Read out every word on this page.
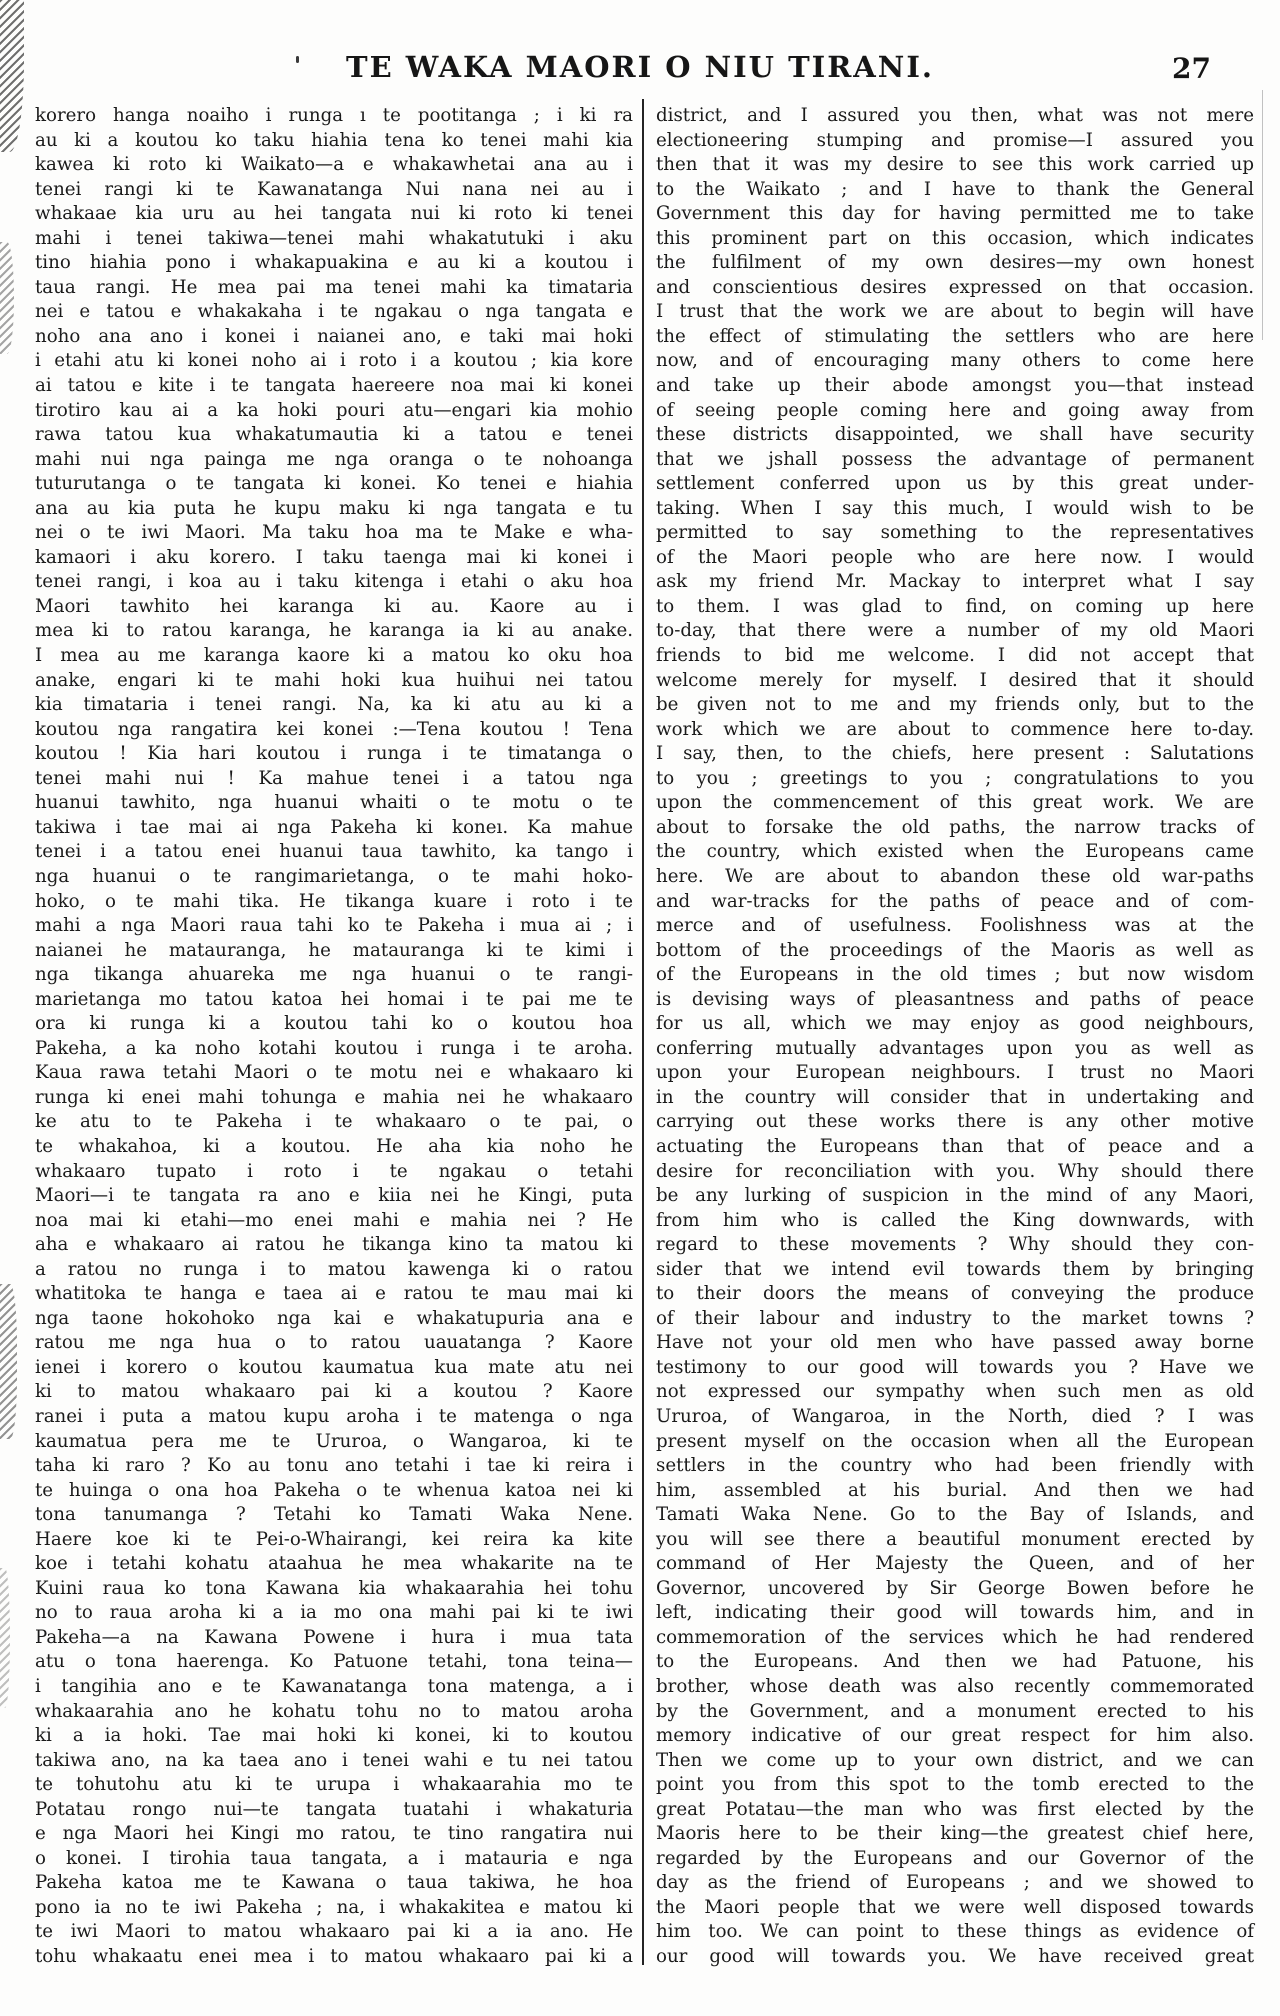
TE WAKA MAORI O NIU TIRANI.	27
korero hanga noaiho i runga ı te pootitanga ; i ki ra
au ki a koutou ko taku hiahia tena ko tenei mahi kia
kawea ki roto ki Waikato—a e whakawhetai ana au i
tenei rangi ki te Kawanatanga Nui nana nei au i
whakaae kia uru au hei tangata nui ki roto ki tenei
mahi i tenei takiwa—tenei mahi whakatutuki i aku
tino hiahia pono i whakapuakina e au ki a koutou i
taua rangi. He mea pai ma tenei mahi ka timataria
nei e tatou e whakakaha i te ngakau o nga tangata e
noho ana ano i konei i naianei ano, e taki mai hoki
i etahi atu ki konei noho ai i roto i a koutou ; kia kore
ai tatou e kite i te tangata haereere noa mai ki konei
tirotiro kau ai a ka hoki pouri atu—engari kia mohio
rawa tatou kua whakatumautia ki a tatou e tenei
mahi nui nga painga me nga oranga o te nohoanga
tuturutanga o te tangata ki konei. Ko tenei e hiahia
ana au kia puta he kupu maku ki nga tangata e tu
nei o te iwi Maori. Ma taku hoa ma te Make e wha-
kamaori i aku korero. I taku taenga mai ki konei i
tenei rangi, i koa au i taku kitenga i etahi o aku hoa
Maori tawhito hei karanga ki au. Kaore au i
mea ki to ratou karanga, he karanga ia ki au anake.
I mea au me karanga kaore ki a matou ko oku hoa
anake, engari ki te mahi hoki kua huihui nei tatou
kia timataria i tenei rangi. Na, ka ki atu au ki a
koutou nga rangatira kei konei :—Tena koutou ! Tena
koutou ! Kia hari koutou i runga i te timatanga o
tenei mahi nui ! Ka mahue tenei i a tatou nga
huanui tawhito, nga huanui whaiti o te motu o te
takiwa i tae mai ai nga Pakeha ki koneı. Ka mahue
tenei i a tatou enei huanui taua tawhito, ka tango i
nga huanui o te rangimarietanga, o te mahi hoko-
hoko, o te mahi tika. He tikanga kuare i roto i te
mahi a nga Maori raua tahi ko te Pakeha i mua ai ; i
naianei he matauranga, he matauranga ki te kimi i
nga tikanga ahuareka me nga huanui o te rangi-
marietanga mo tatou katoa hei homai i te pai me te
ora ki runga ki a koutou tahi ko o koutou hoa
Pakeha, a ka noho kotahi koutou i runga i te aroha.
Kaua rawa tetahi Maori o te motu nei e whakaaro ki
runga ki enei mahi tohunga e mahia nei he whakaaro
ke atu to te Pakeha i te whakaaro o te pai, o
te whakahoa, ki a koutou. He aha kia noho he
whakaaro tupato i roto i te ngakau o tetahi
Maori—i te tangata ra ano e kiia nei he Kingi, puta
noa mai ki etahi—mo enei mahi e mahia nei ? He
aha e whakaaro ai ratou he tikanga kino ta matou ki
a ratou no runga i to matou kawenga ki o ratou
whatitoka te hanga e taea ai e ratou te mau mai ki
nga taone hokohoko nga kai e whakatupuria ana e
ratou me nga hua o to ratou uauatanga ? Kaore
ienei i korero o koutou kaumatua kua mate atu nei
ki to matou whakaaro pai ki a koutou ? Kaore
ranei i puta a matou kupu aroha i te matenga o nga
kaumatua pera me te Ururoa, o Wangaroa, ki te
taha ki raro ? Ko au tonu ano tetahi i tae ki reira i
te huinga o ona hoa Pakeha o te whenua katoa nei ki
tona tanumanga ? Tetahi ko Tamati Waka Nene.
Haere koe ki te Pei-o-Whairangi, kei reira ka kite
koe i tetahi kohatu ataahua he mea whakarite na te
Kuini raua ko tona Kawana kia whakaarahia hei tohu
no to raua aroha ki a ia mo ona mahi pai ki te iwi
Pakeha—a na Kawana Powene i hura i mua tata
atu o tona haerenga. Ko Patuone tetahi, tona teina—
i tangihia ano e te Kawanatanga tona matenga, a i
whakaarahia ano he kohatu tohu no to matou aroha
ki a ia hoki. Tae mai hoki ki konei, ki to koutou
takiwa ano, na ka taea ano i tenei wahi e tu nei tatou
te tohutohu atu ki te urupa i whakaarahia mo te
Potatau rongo nui—te tangata tuatahi i whakaturia
e nga Maori hei Kingi mo ratou, te tino rangatira nui
o konei. I tirohia taua tangata, a i matauria e nga
Pakeha katoa me te Kawana o taua takiwa, he hoa
pono ia no te iwi Pakeha ; na, i whakakitea e matou ki
te iwi Maori to matou whakaaro pai ki a ia ano. He
tohu whakaatu enei mea i to matou whakaaro pai ki a
district, and I assured you then, what was not mere
electioneering stumping and promise—I assured you
then that it was my desire to see this work carried up
to the Waikato ; and I have to thank the General
Government this day for having permitted me to take
this prominent part on this occasion, which indicates
the fulfilment of my own desires—my own honest
and conscientious desires expressed on that occasion.
I trust that the work we are about to begin will have
the effect of stimulating the settlers who are here
now, and of encouraging many others to come here
and take up their abode amongst you—that instead
of seeing people coming here and going away from
these districts disappointed, we shall have security
that we jshall possess the advantage of permanent
settlement conferred upon us by this great under-
taking. When I say this much, I would wish to be
permitted to say something to the representatives
of the Maori people who are here now. I would
ask my friend Mr. Mackay to interpret what I say
to them. I was glad to find, on coming up here
to-day, that there were a number of my old Maori
friends to bid me welcome. I did not accept that
welcome merely for myself. I desired that it should
be given not to me and my friends only, but to the
work which we are about to commence here to-day.
I say, then, to the chiefs, here present : Salutations
to you ; greetings to you ; congratulations to you
upon the commencement of this great work. We are
about to forsake the old paths, the narrow tracks of
the country, which existed when the Europeans came
here. We are about to abandon these old war-paths
and war-tracks for the paths of peace and of com-
merce and of usefulness. Foolishness was at the
bottom of the proceedings of the Maoris as well as
of the Europeans in the old times ; but now wisdom
is devising ways of pleasantness and paths of peace
for us all, which we may enjoy as good neighbours,
conferring mutually advantages upon you as well as
upon your European neighbours. I trust no Maori
in the country will consider that in undertaking and
carrying out these works there is any other motive
actuating the Europeans than that of peace and a
desire for reconciliation with you. Why should there
be any lurking of suspicion in the mind of any Maori,
from him who is called the King downwards, with
regard to these movements ? Why should they con-
sider that we intend evil towards them by bringing
to their doors the means of conveying the produce
of their labour and industry to the market towns ?
Have not your old men who have passed away borne
testimony to our good will towards you ? Have we
not expressed our sympathy when such men as old
Ururoa, of Wangaroa, in the North, died ? I was
present myself on the occasion when all the European
settlers in the country who had been friendly with
him, assembled at his burial. And then we had
Tamati Waka Nene. Go to the Bay of Islands, and
you will see there a beautiful monument erected by
command of Her Majesty the Queen, and of her
Governor, uncovered by Sir George Bowen before he
left, indicating their good will towards him, and in
commemoration of the services which he had rendered
to the Europeans. And then we had Patuone, his
brother, whose death was also recently commemorated
by the Government, and a monument erected to his
memory indicative of our great respect for him also.
Then we come up to your own district, and we can
point you from this spot to the tomb erected to the
great Potatau—the man who was first elected by the
Maoris here to be their king—the greatest chief here,
regarded by the Europeans and our Governor of the
day as the friend of Europeans ; and we showed to
the Maori people that we were well disposed towards
him too. We can point to these things as evidence of
our good will towards you. We have received great
